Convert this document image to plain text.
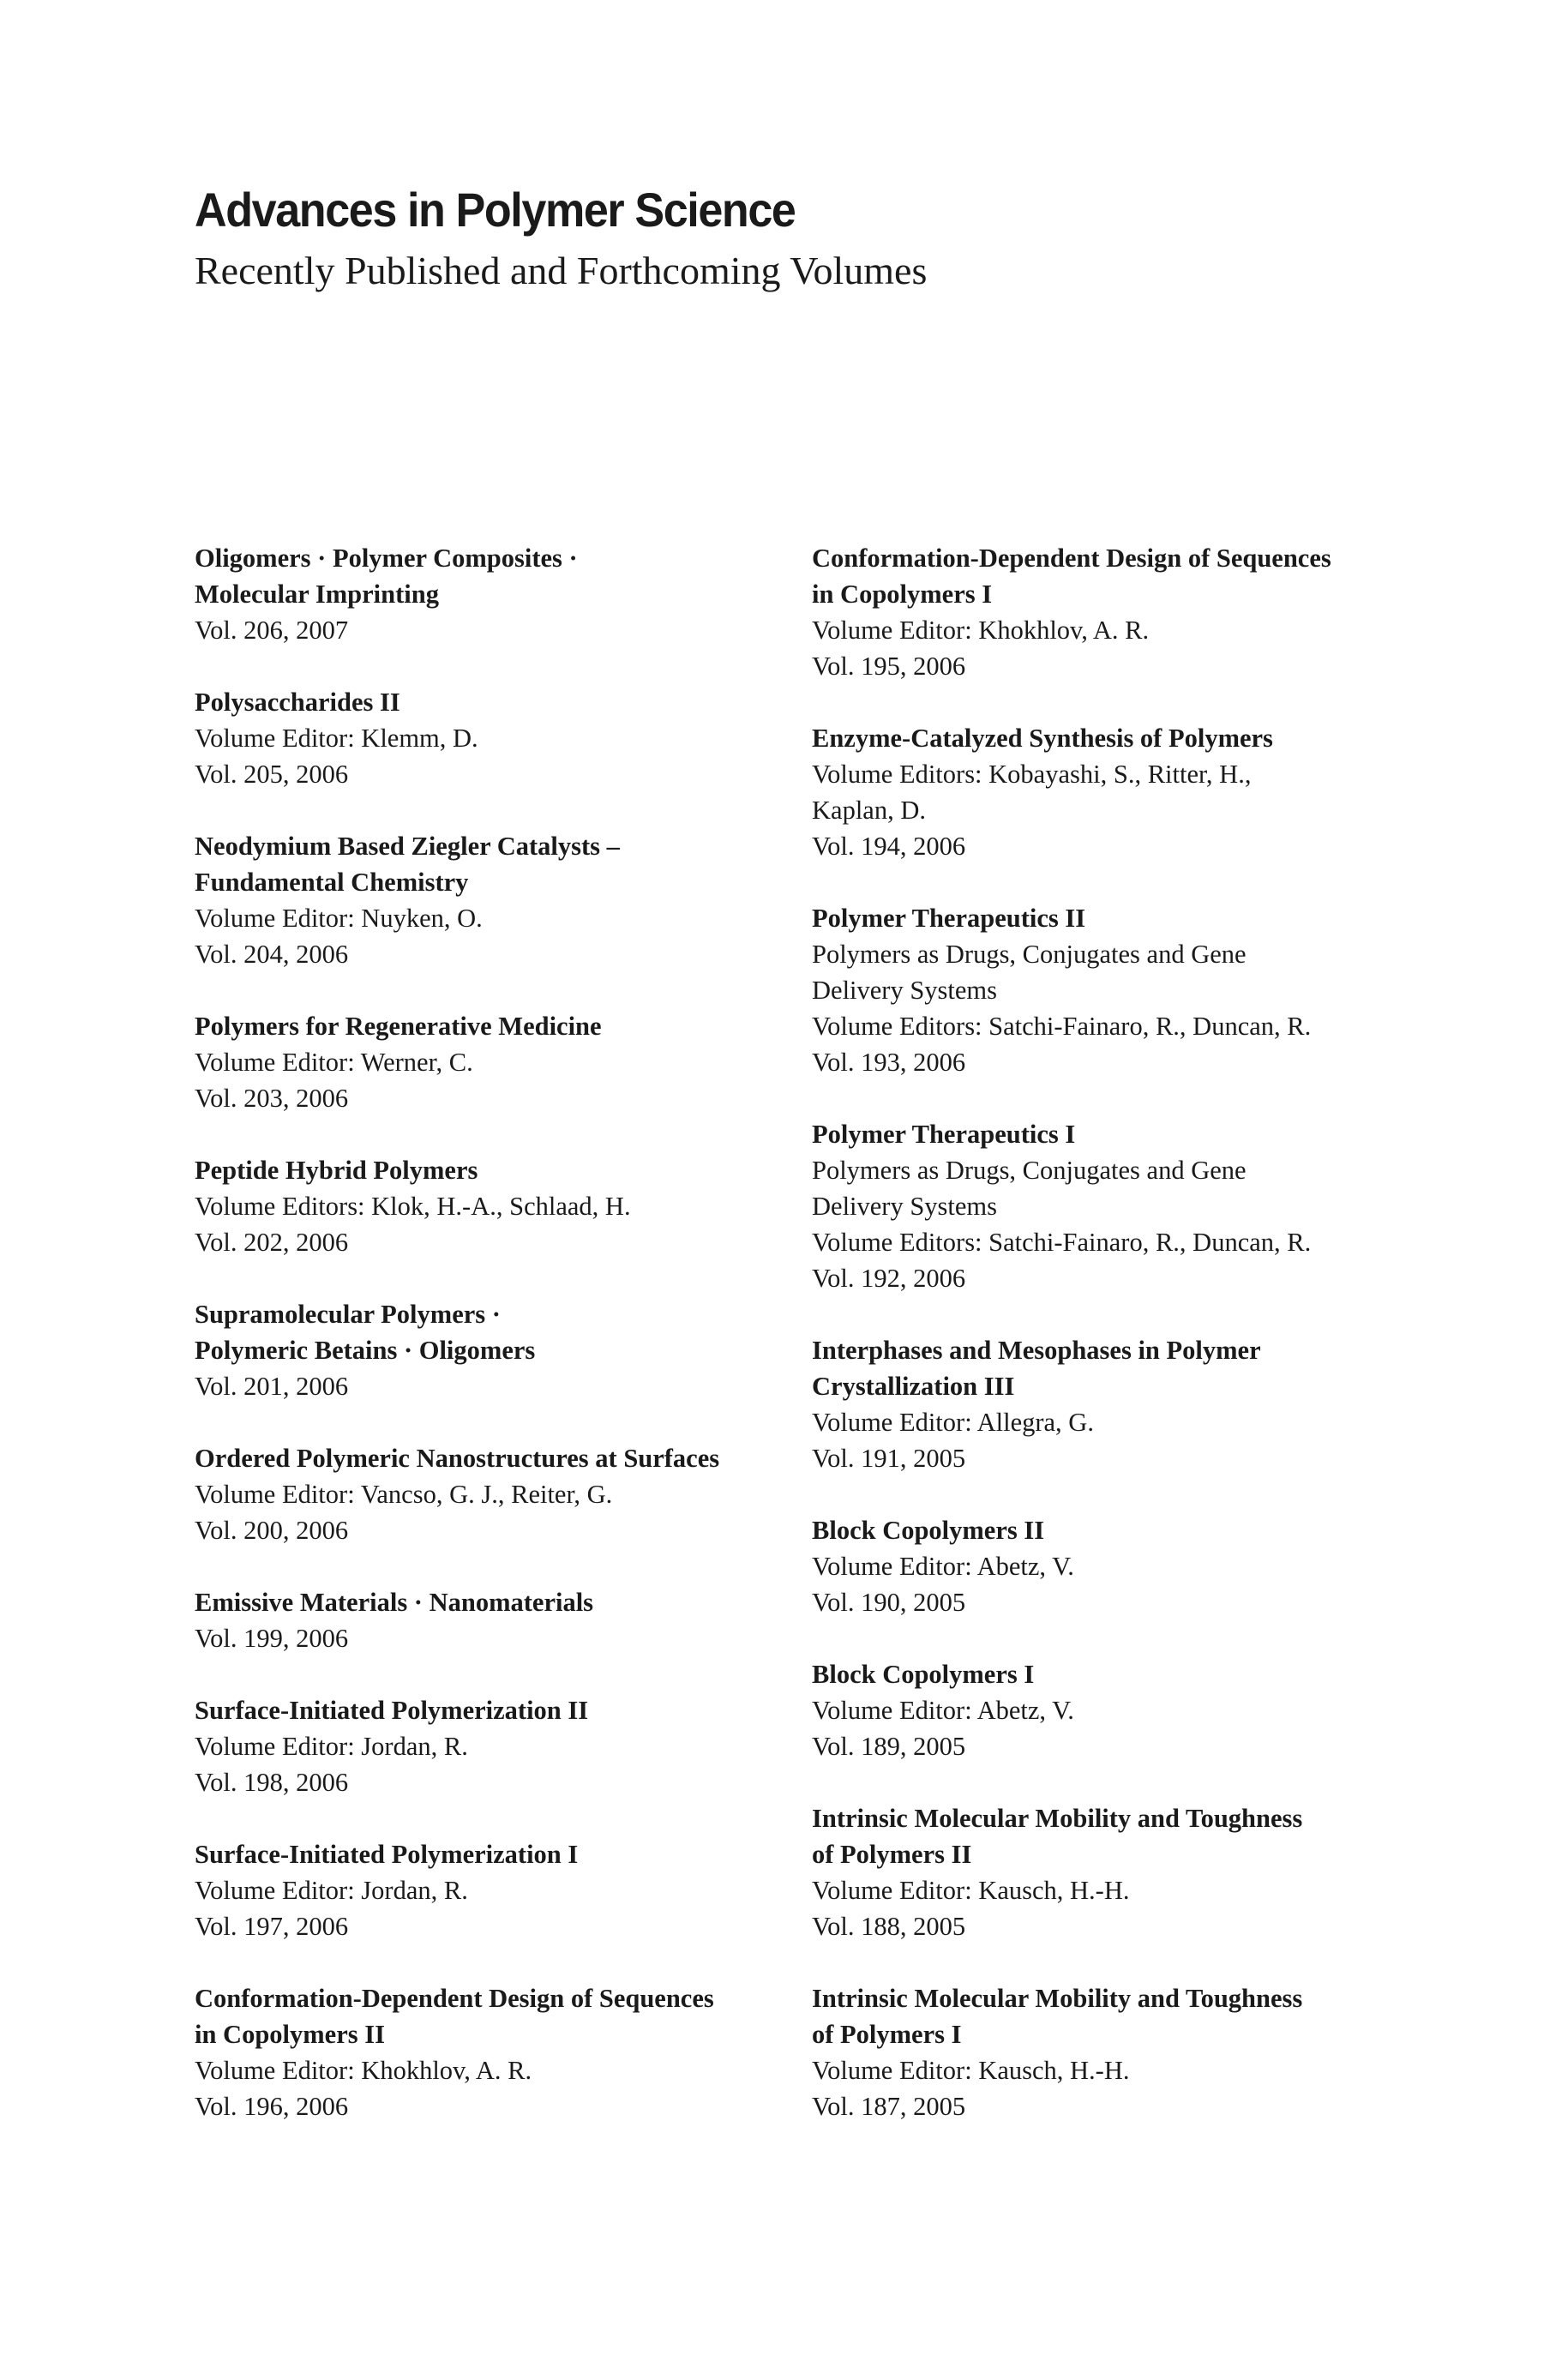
Advances in Polymer Science
Recently Published and Forthcoming Volumes
Oligomers · Polymer Composites ·
Molecular Imprinting
Vol. 206, 2007
Polysaccharides II
Volume Editor: Klemm, D.
Vol. 205, 2006
Neodymium Based Ziegler Catalysts –
Fundamental Chemistry
Volume Editor: Nuyken, O.
Vol. 204, 2006
Polymers for Regenerative Medicine
Volume Editor: Werner, C.
Vol. 203, 2006
Peptide Hybrid Polymers
Volume Editors: Klok, H.-A., Schlaad, H.
Vol. 202, 2006
Supramolecular Polymers ·
Polymeric Betains · Oligomers
Vol. 201, 2006
Ordered Polymeric Nanostructures at Surfaces
Volume Editor: Vancso, G. J., Reiter, G.
Vol. 200, 2006
Emissive Materials · Nanomaterials
Vol. 199, 2006
Surface-Initiated Polymerization II
Volume Editor: Jordan, R.
Vol. 198, 2006
Surface-Initiated Polymerization I
Volume Editor: Jordan, R.
Vol. 197, 2006
Conformation-Dependent Design of Sequences
in Copolymers II
Volume Editor: Khokhlov, A. R.
Vol. 196, 2006
Conformation-Dependent Design of Sequences
in Copolymers I
Volume Editor: Khokhlov, A. R.
Vol. 195, 2006
Enzyme-Catalyzed Synthesis of Polymers
Volume Editors: Kobayashi, S., Ritter, H.,
Kaplan, D.
Vol. 194, 2006
Polymer Therapeutics II
Polymers as Drugs, Conjugates and Gene
Delivery Systems
Volume Editors: Satchi-Fainaro, R., Duncan, R.
Vol. 193, 2006
Polymer Therapeutics I
Polymers as Drugs, Conjugates and Gene
Delivery Systems
Volume Editors: Satchi-Fainaro, R., Duncan, R.
Vol. 192, 2006
Interphases and Mesophases in Polymer
Crystallization III
Volume Editor: Allegra, G.
Vol. 191, 2005
Block Copolymers II
Volume Editor: Abetz, V.
Vol. 190, 2005
Block Copolymers I
Volume Editor: Abetz, V.
Vol. 189, 2005
Intrinsic Molecular Mobility and Toughness
of Polymers II
Volume Editor: Kausch, H.-H.
Vol. 188, 2005
Intrinsic Molecular Mobility and Toughness
of Polymers I
Volume Editor: Kausch, H.-H.
Vol. 187, 2005
